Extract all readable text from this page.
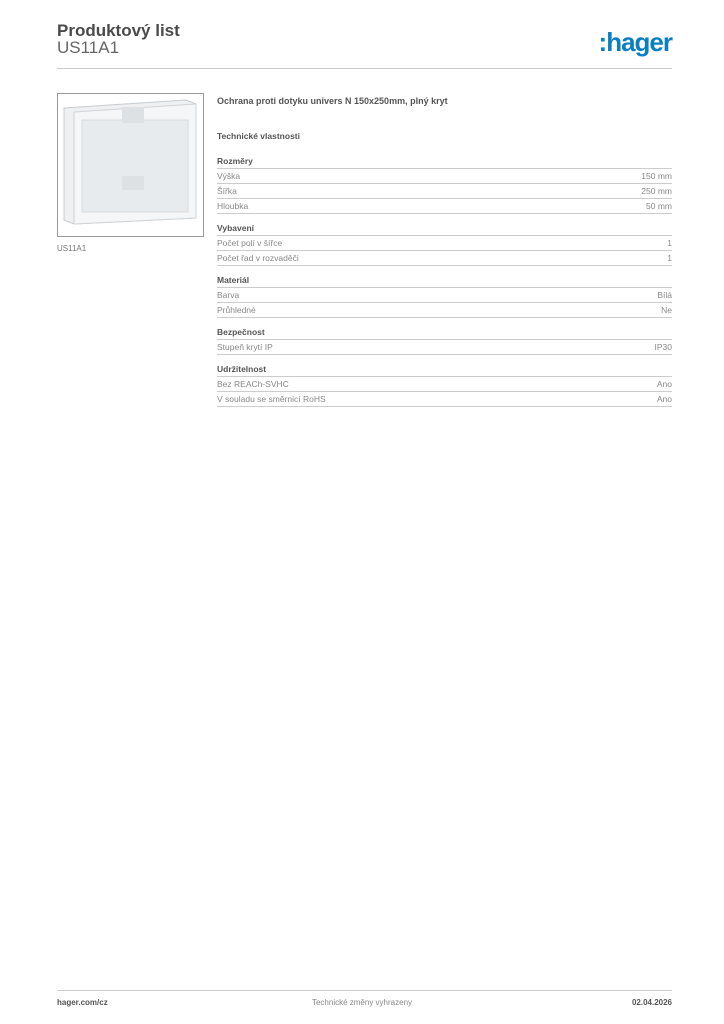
Produktový list
US11A1	:hager
US11A1
Ochrana proti dotyku univers N 150x250mm, plný kryt
Technické vlastnosti
Rozměry
Výška	150 mm
Šířka	250 mm
Hloubka	50 mm
Vybavení
Počet polí v šířce	1
Počet řad v rozvaděči	1
Materiál
Barva	Bílá
Průhledné	Ne
Bezpečnost
Stupeň krytí IP	IP30
Udržitelnost
Bez REACh-SVHC	Ano
V souladu se směrnicí RoHS	Ano
hager.com/cz	Technické změny vyhrazeny	02.04.2026
